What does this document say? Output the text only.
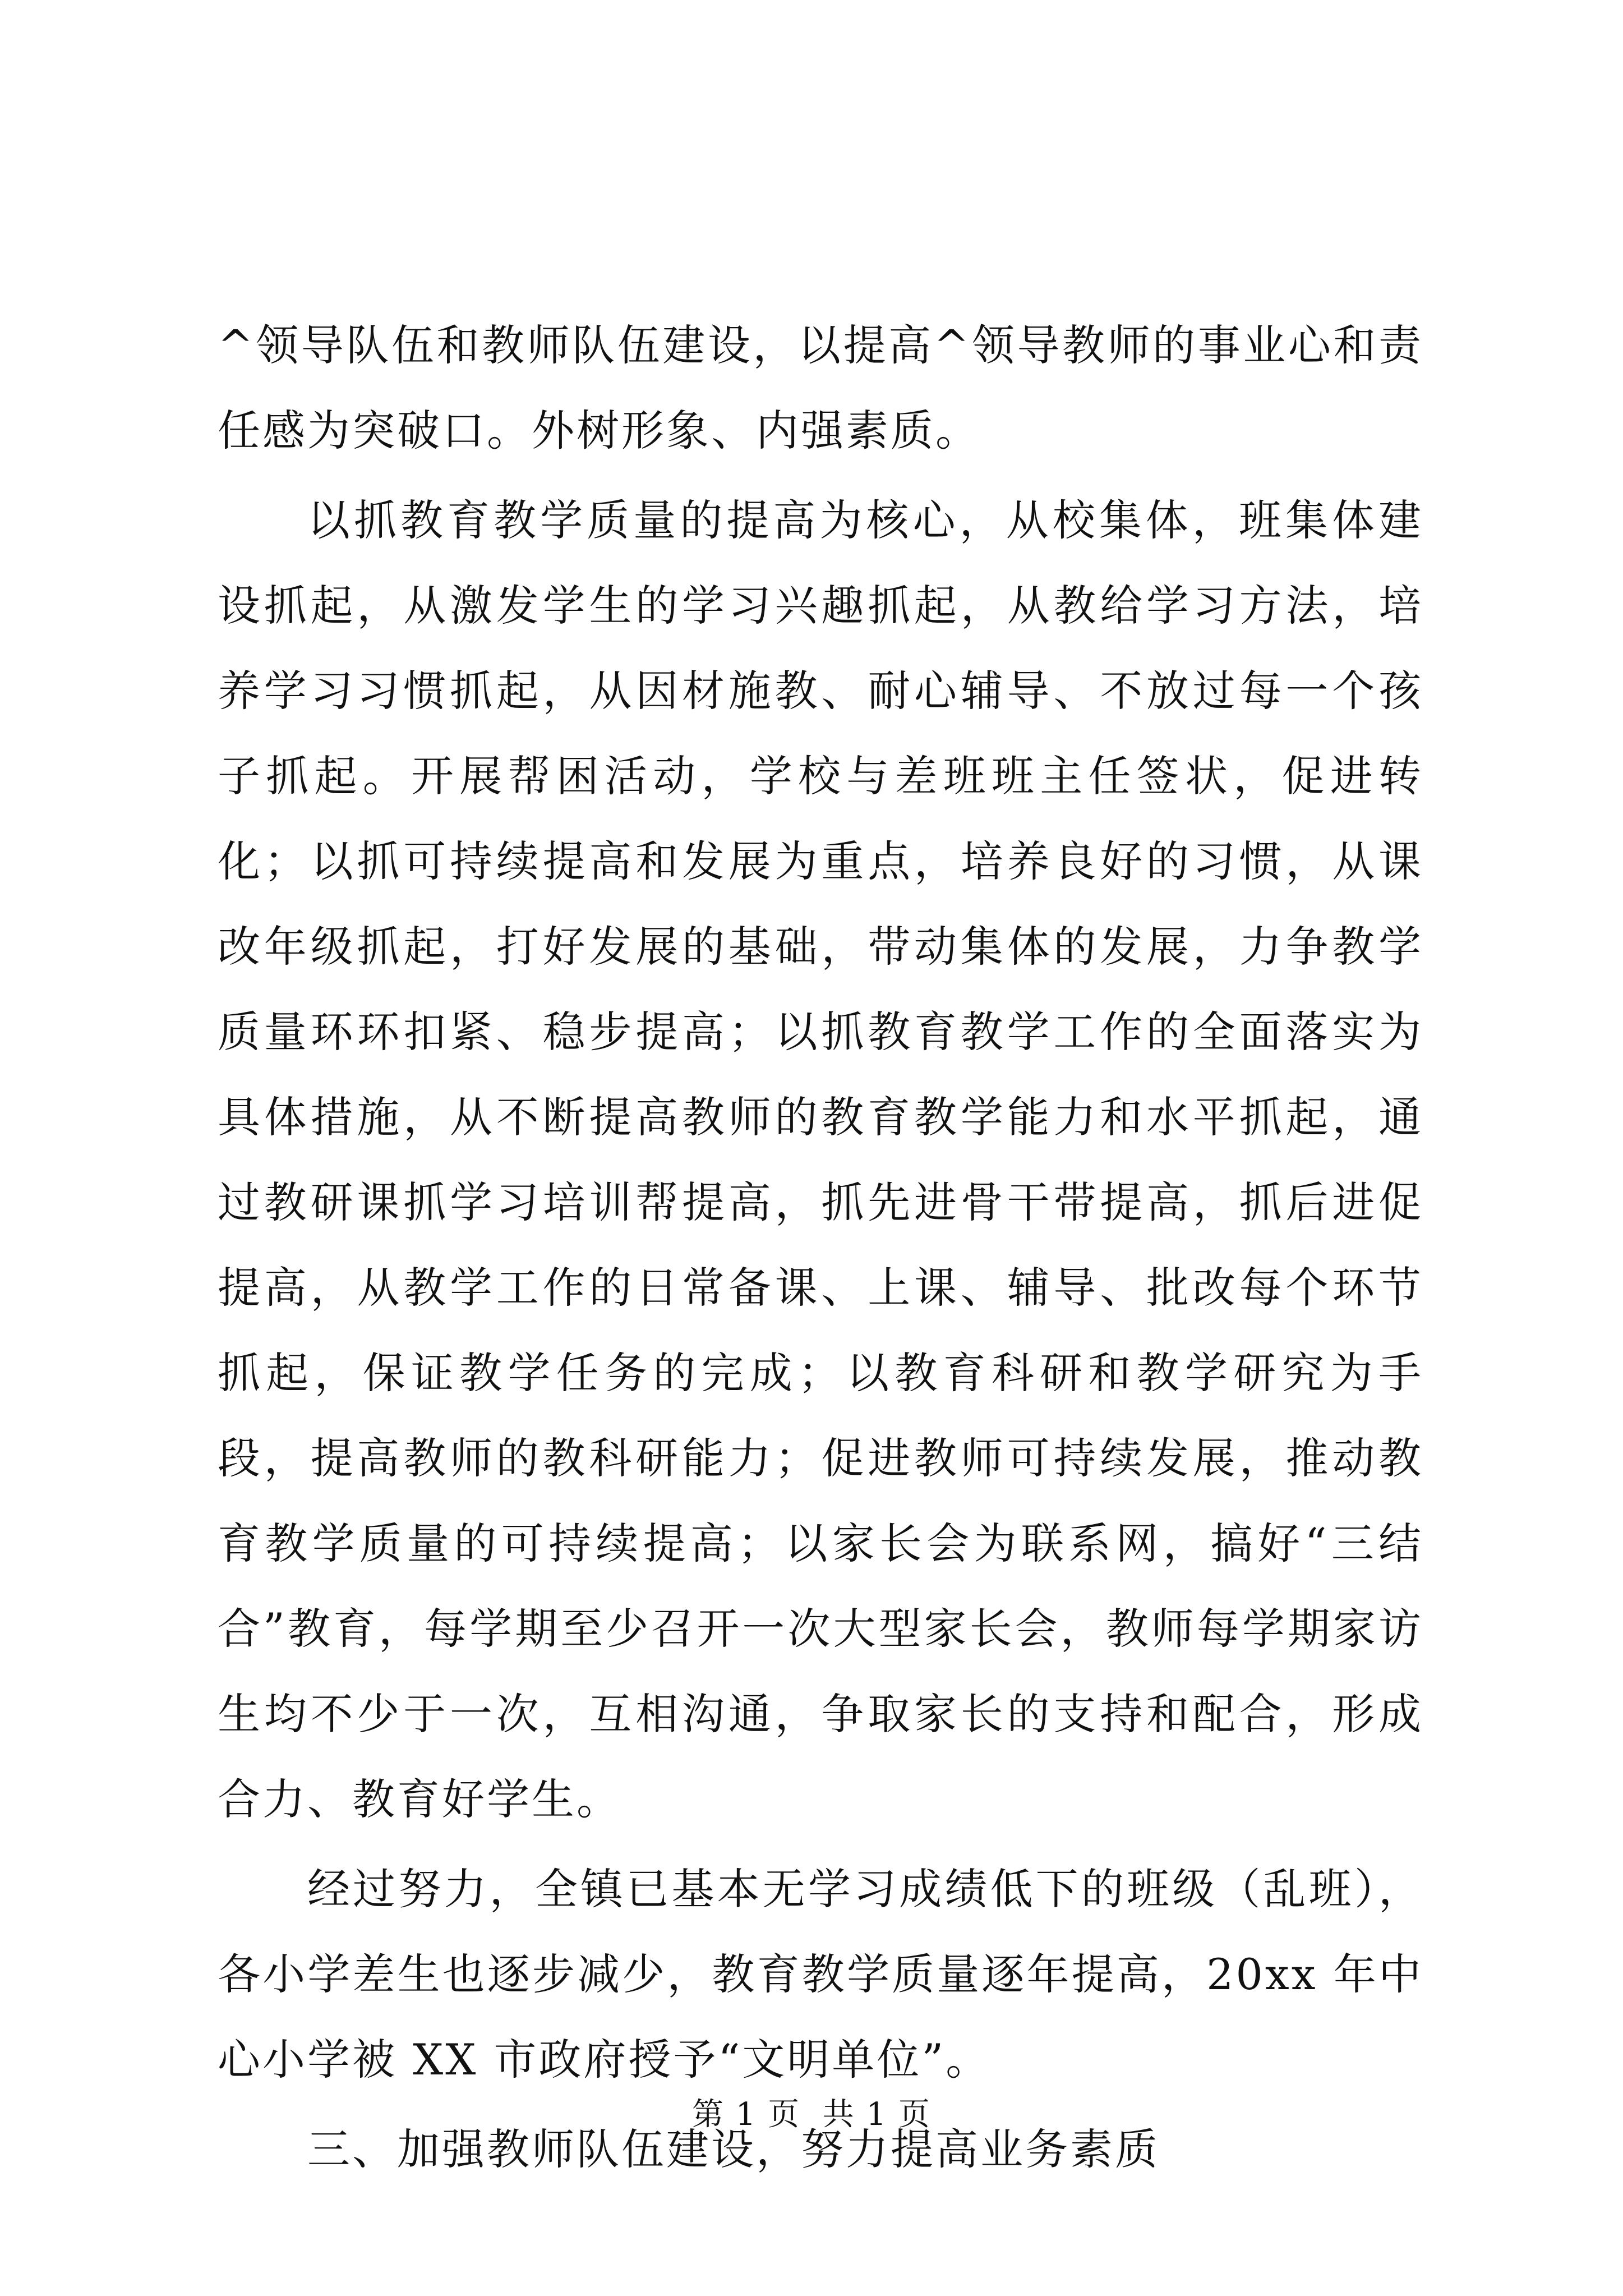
^领导队伍和教师队伍建设，以提高^领导教师的事业心和责任感为突破口。外树形象、内强素质。

以抓教育教学质量的提高为核心，从校集体，班集体建设抓起，从激发学生的学习兴趣抓起，从教给学习方法，培养学习习惯抓起，从因材施教、耐心辅导、不放过每一个孩子抓起。开展帮困活动，学校与差班班主任签状，促进转化；以抓可持续提高和发展为重点，培养良好的习惯，从课改年级抓起，打好发展的基础，带动集体的发展，力争教学质量环环扣紧、稳步提高；以抓教育教学工作的全面落实为具体措施，从不断提高教师的教育教学能力和水平抓起，通过教研课抓学习培训帮提高，抓先进骨干带提高，抓后进促提高，从教学工作的日常备课、上课、辅导、批改每个环节抓起，保证教学任务的完成；以教育科研和教学研究为手段，提高教师的教科研能力；促进教师可持续发展，推动教育教学质量的可持续提高；以家长会为联系网，搞好“三结合”教育，每学期至少召开一次大型家长会，教师每学期家访生均不少于一次，互相沟通，争取家长的支持和配合，形成合力、教育好学生。

经过努力，全镇已基本无学习成绩低下的班级（乱班），各小学差生也逐步减少，教育教学质量逐年提高，20xx 年中心小学被 XX 市政府授予“文明单位”。

三、加强教师队伍建设，努力提高业务素质

第 1 页  共 1 页
